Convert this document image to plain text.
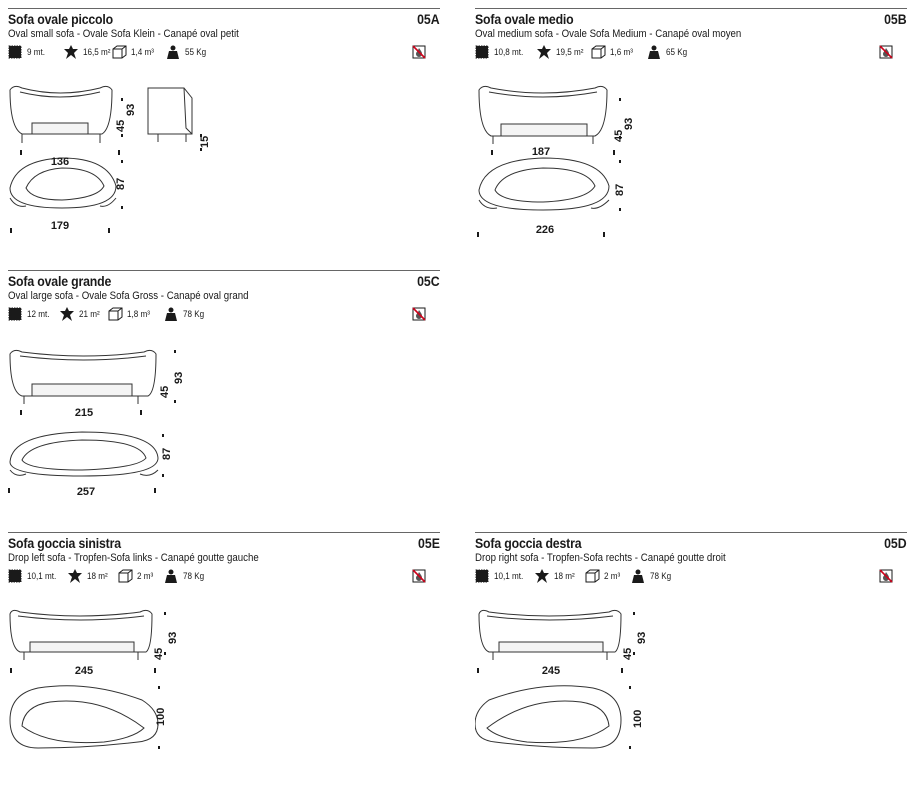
Sofa ovale piccolo	05A
Oval small sofa - Ovale Sofa Klein - Canapé oval petit
9 mt.	16,5 m² 1,4 m³	55 Kg
136
45
93
15
87
179
Sofa ovale medio	05B
Oval medium sofa - Ovale Sofa Medium - Canapé oval moyen
10,8 mt.	19,5 m²	1,6 m³	65 Kg
187
45
93
87
226
Sofa ovale grande	05C
Oval large sofa - Ovale Sofa Gross - Canapé oval grand
12 mt.	21 m²	1,8 m³	78 Kg
215
45
93
87
257
Sofa goccia sinistra	05E
Drop left sofa - Tropfen-Sofa links - Canapé goutte gauche
10,1 mt.	18 m²	2 m³	78 Kg
245
45
93
100
Sofa goccia destra	05D
Drop right sofa - Tropfen-Sofa rechts - Canapé goutte droit
10,1 mt.	18 m²	2 m³	78 Kg
245
45
93
100
